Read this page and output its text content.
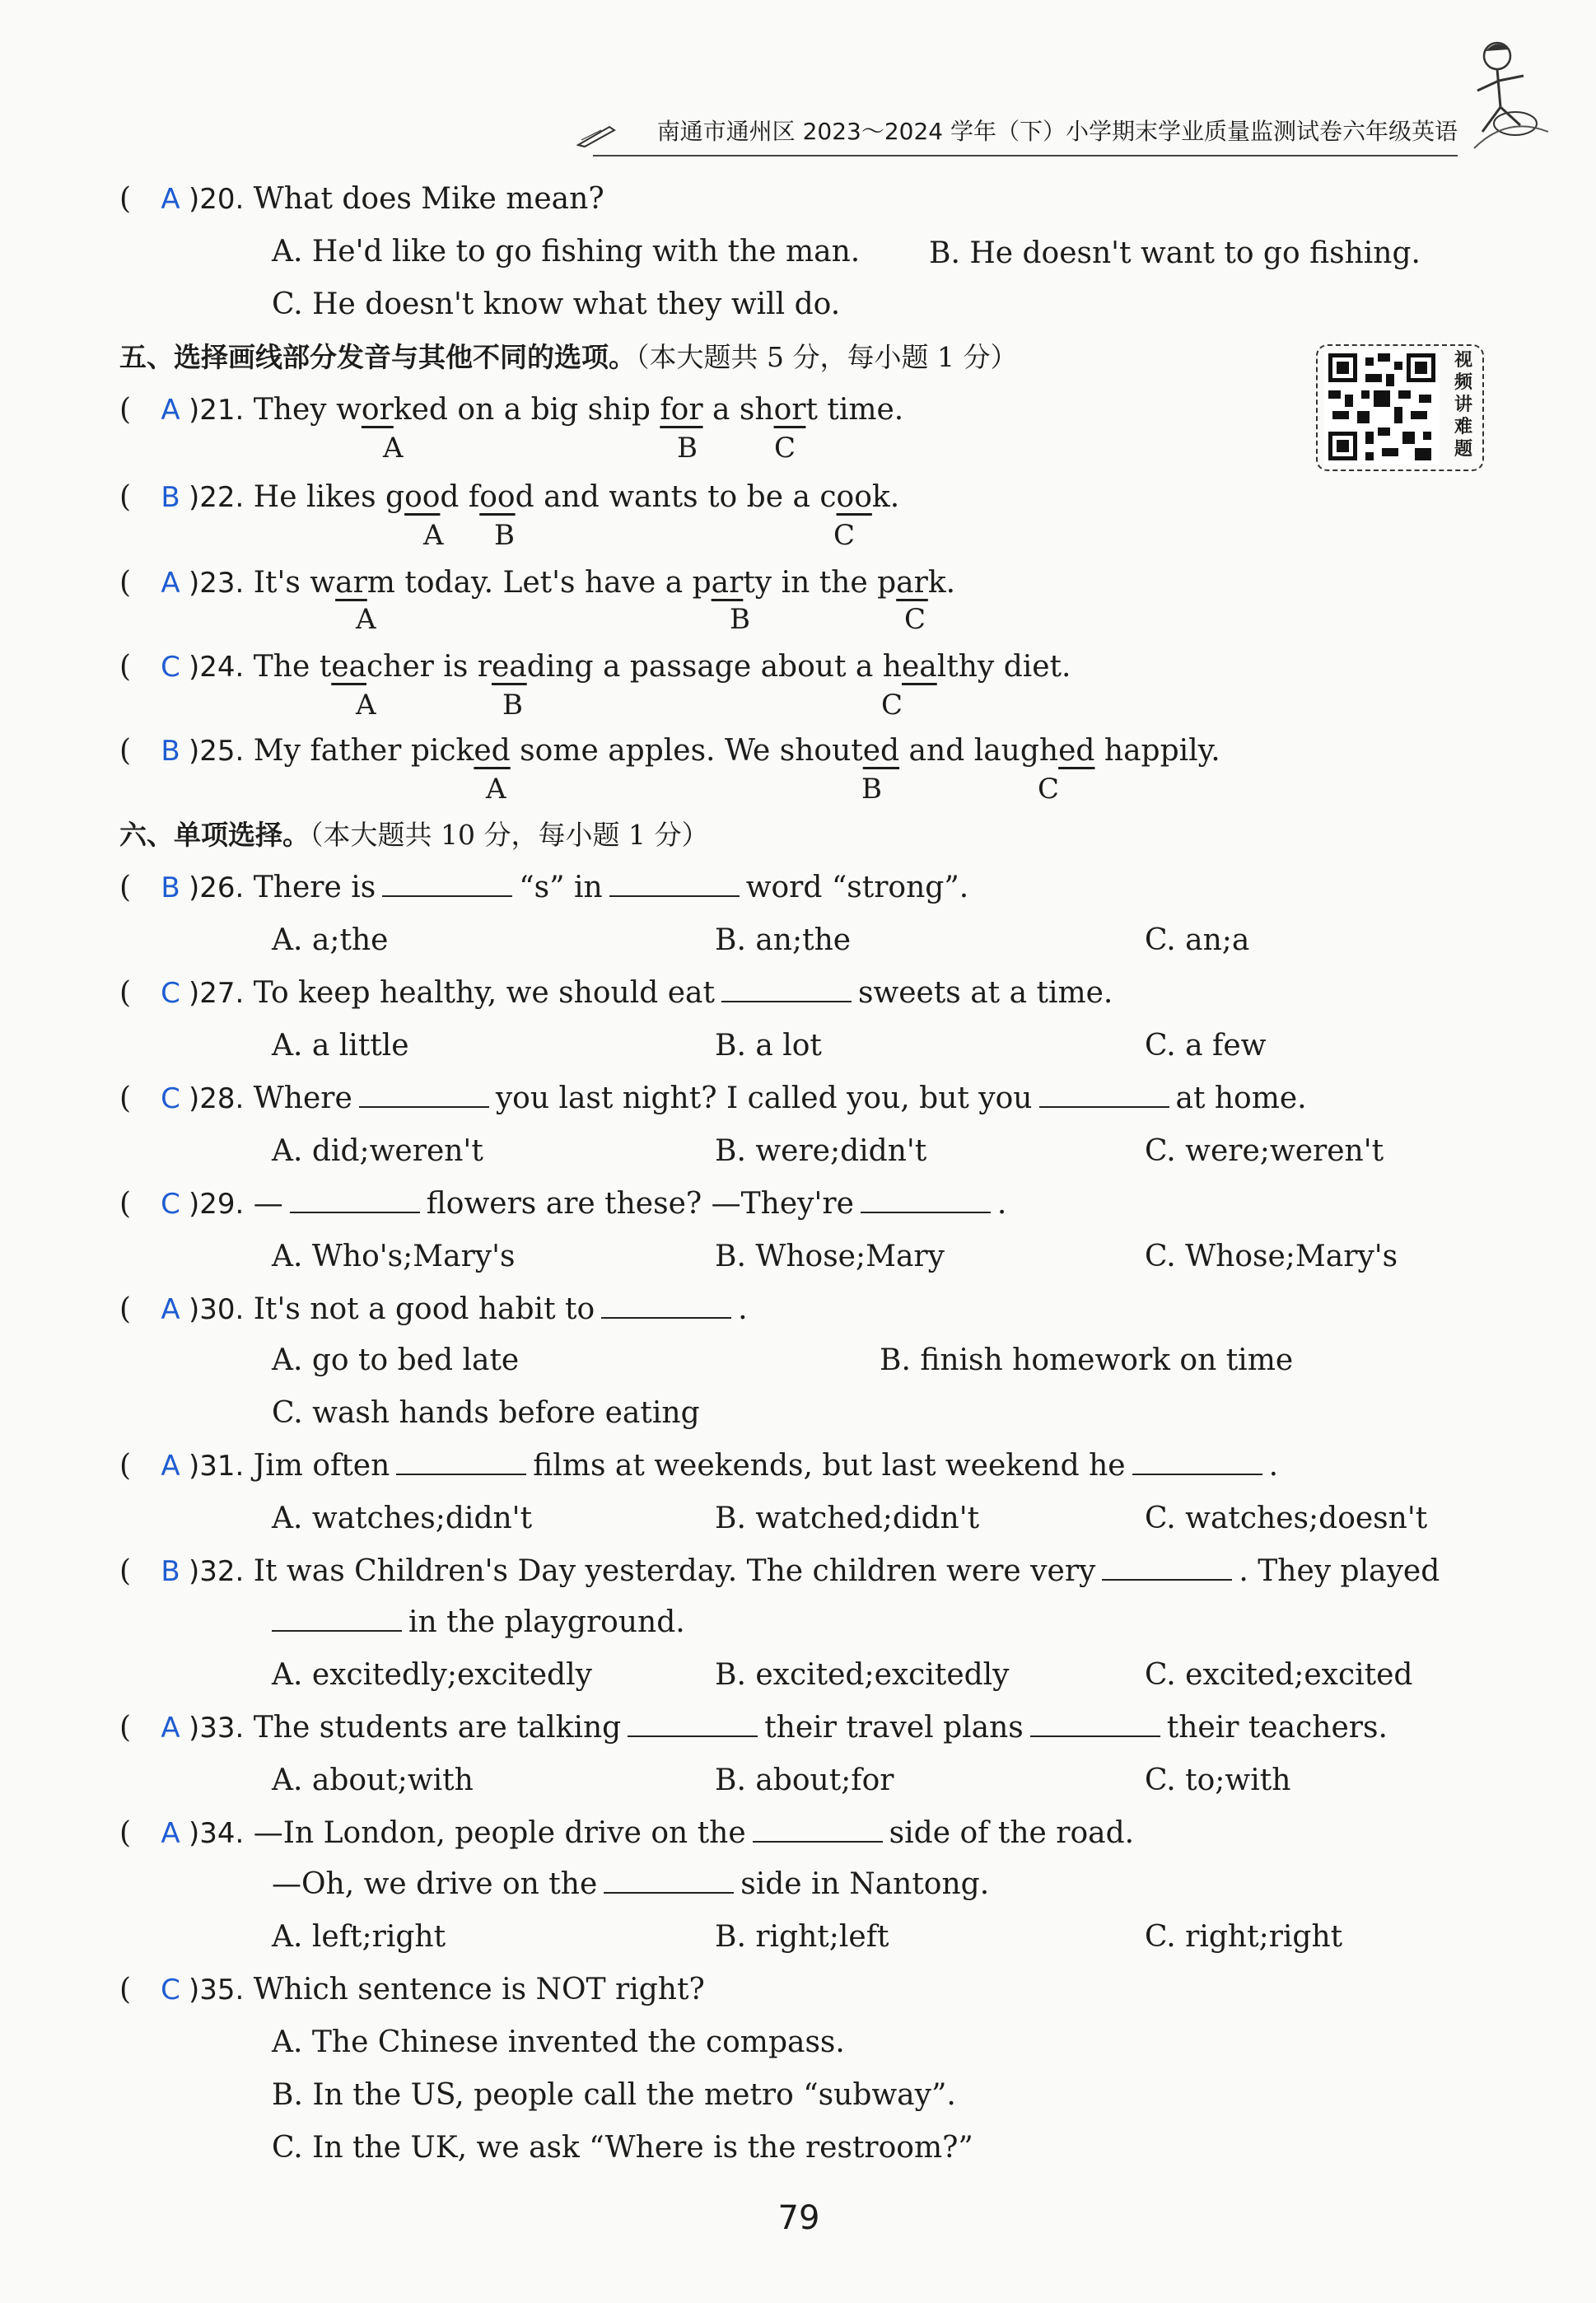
南通市通州区 2023～2024 学年（下）小学期末学业质量监测试卷六年级英语
( A )20. What does Mike mean?
A. He'd like to go fishing with the man. B. He doesn't want to go fishing.
C. He doesn't know what they will do.
五、选择画线部分发音与其他不同的选项。（本大题共 5 分，每小题 1 分）	视频讲难题
( A )21. They worked on a big ship for a short time.
A	B	C
( B )22. He likes good food and wants to be a cook.
A B	C
( A )23. It's warm today. Let's have a party in the park.
A	B	C
( C )24. The teacher is reading a passage about a healthy diet.
A	B	C
( B )25. My father picked some apples. We shouted and laughed happily.
A	B	C
六、单项选择。（本大题共 10 分，每小题 1 分）
( B )26. There is	“s” in	word “strong”.
A. a;the	B. an;the	C. an;a
( C )27. To keep healthy, we should eat	sweets at a time.
A. a little	B. a lot	C. a few
( C )28. Where	you last night? I called you, but you	at home.
A. did;weren't	B. were;didn't	C. were;weren't
( C )29. —	flowers are these? —They're	.
A. Who's;Mary's	B. Whose;Mary	C. Whose;Mary's
( A )30. It's not a good habit to	.
A. go to bed late	B. finish homework on time
C. wash hands before eating
( A )31. Jim often	films at weekends, but last weekend he	.
A. watches;didn't	B. watched;didn't	C. watches;doesn't
( B )32. It was Children's Day yesterday. The children were very	. They played
in the playground.
A. excitedly;excitedly	B. excited;excitedly	C. excited;excited
( A )33. The students are talking	their travel plans	their teachers.
A. about;with	B. about;for	C. to;with
( A )34. —In London, people drive on the	side of the road.
—Oh, we drive on the	side in Nantong.
A. left;right	B. right;left	C. right;right
( C )35. Which sentence is NOT right?
A. The Chinese invented the compass.
B. In the US, people call the metro “subway”.
C. In the UK, we ask “Where is the restroom?”
79
